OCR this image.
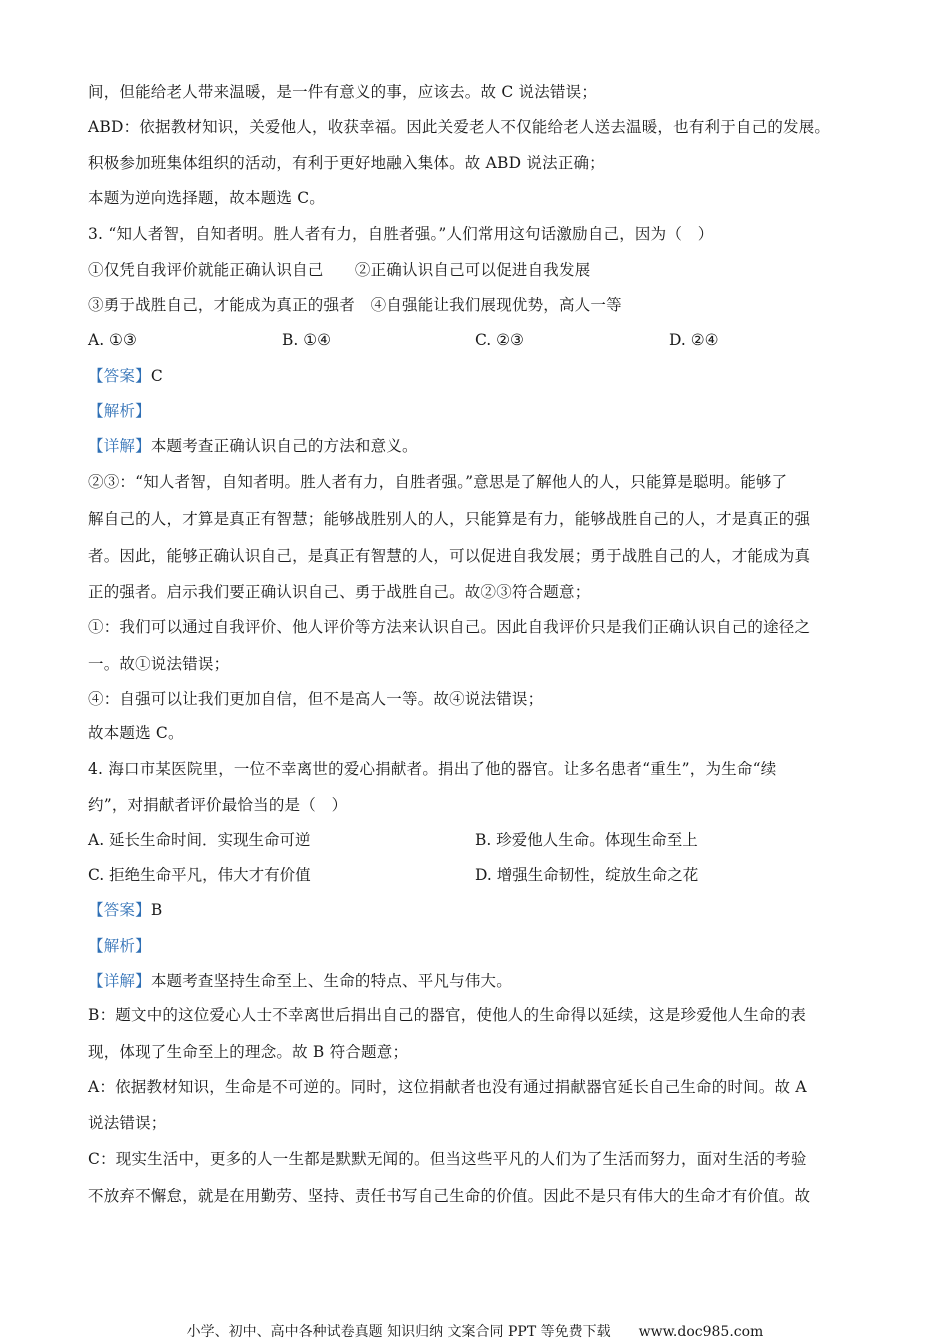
间，但能给老人带来温暖，是一件有意义的事，应该去。故 C 说法错误；
ABD：依据教材知识，关爱他人，收获幸福。因此关爱老人不仅能给老人送去温暖，也有利于自己的发展。
积极参加班集体组织的活动，有利于更好地融入集体。故 ABD 说法正确；
本题为逆向选择题，故本题选 C。
3. “知人者智，自知者明。胜人者有力，自胜者强。”人们常用这句话激励自己，因为（　）
①仅凭自我评价就能正确认识自己　　②正确认识自己可以促进自我发展
③勇于战胜自己，才能成为真正的强者　④自强能让我们展现优势，高人一等
A. ①③	B. ①④	C. ②③	D. ②④
【答案】C
【解析】
【详解】本题考查正确认识自己的方法和意义。
②③：“知人者智，自知者明。胜人者有力，自胜者强。”意思是了解他人的人，只能算是聪明。能够了
解自己的人，才算是真正有智慧；能够战胜别人的人，只能算是有力，能够战胜自己的人，才是真正的强
者。因此，能够正确认识自己，是真正有智慧的人，可以促进自我发展；勇于战胜自己的人，才能成为真
正的强者。启示我们要正确认识自己、勇于战胜自己。故②③符合题意；
①：我们可以通过自我评价、他人评价等方法来认识自己。因此自我评价只是我们正确认识自己的途径之
一。故①说法错误；
④：自强可以让我们更加自信，但不是高人一等。故④说法错误；
故本题选 C。
4. 海口市某医院里，一位不幸离世的爱心捐献者。捐出了他的器官。让多名患者“重生”，为生命“续
约”，对捐献者评价最恰当的是（　）
A. 延长生命时间．实现生命可逆	B. 珍爱他人生命。体现生命至上
C. 拒绝生命平凡，伟大才有价值	D. 增强生命韧性，绽放生命之花
【答案】B
【解析】
【详解】本题考查坚持生命至上、生命的特点、平凡与伟大。
B：题文中的这位爱心人士不幸离世后捐出自己的器官，使他人的生命得以延续，这是珍爱他人生命的表
现，体现了生命至上的理念。故 B 符合题意；
A：依据教材知识，生命是不可逆的。同时，这位捐献者也没有通过捐献器官延长自己生命的时间。故 A
说法错误；
C：现实生活中，更多的人一生都是默默无闻的。但当这些平凡的人们为了生活而努力，面对生活的考验
不放弃不懈怠，就是在用勤劳、坚持、责任书写自己生命的价值。因此不是只有伟大的生命才有价值。故
小学、初中、高中各种试卷真题 知识归纳 文案合同 PPT 等免费下载　　www.doc985.com
